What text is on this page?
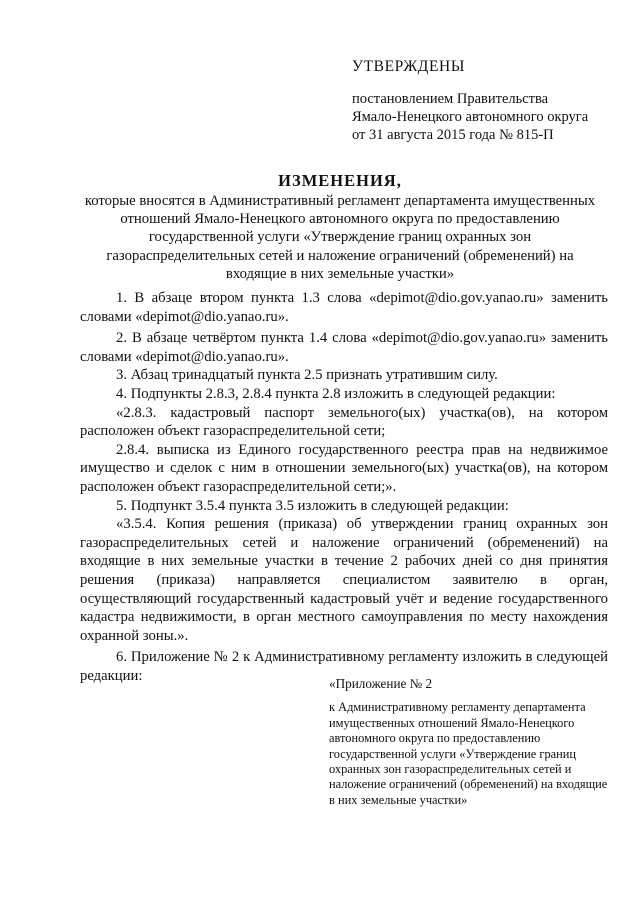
УТВЕРЖДЕНЫ
постановлением Правительства
Ямало-Ненецкого автономного округа
от 31 августа 2015 года № 815-П
ИЗМЕНЕНИЯ,
которые вносятся в Административный регламент департамента имущественных
отношений Ямало-Ненецкого автономного округа по предоставлению
государственной услуги «Утверждение границ охранных зон
газораспределительных сетей и наложение ограничений (обременений) на
входящие в них земельные участки»

1. В абзаце втором пункта 1.3 слова «depimot@dio.gov.yanao.ru» заменить словами «depimot@dio.yanao.ru».

2. В абзаце четвёртом пункта 1.4 слова «depimot@dio.gov.yanao.ru» заменить словами «depimot@dio.yanao.ru».

3. Абзац тринадцатый пункта 2.5 признать утратившим силу.

4. Подпункты 2.8.3, 2.8.4 пункта 2.8 изложить в следующей редакции:

«2.8.3. кадастровый паспорт земельного(ых) участка(ов), на котором расположен объект газораспределительной сети;

2.8.4. выписка из Единого государственного реестра прав на недвижимое имущество и сделок с ним в отношении земельного(ых) участка(ов), на котором расположен объект газораспределительной сети;».

5. Подпункт 3.5.4 пункта 3.5 изложить в следующей редакции:

«3.5.4. Копия решения (приказа) об утверждении границ охранных зон газораспределительных сетей и наложение ограничений (обременений) на входящие в них земельные участки в течение 2 рабочих дней со дня принятия решения (приказа) направляется специалистом заявителю в орган, осуществляющий государственный кадастровый учёт и ведение государственного кадастра недвижимости, в орган местного самоуправления по месту нахождения охранной зоны.».

6. Приложение № 2 к Административному регламенту изложить в следующей редакции:	«Приложение № 2
к Административному регламенту департамента имущественных отношений Ямало-Ненецкого автономного округа по предоставлению государственной услуги «Утверждение границ охранных зон газораспределительных сетей и наложение ограничений (обременений) на входящие в них земельные участки»
